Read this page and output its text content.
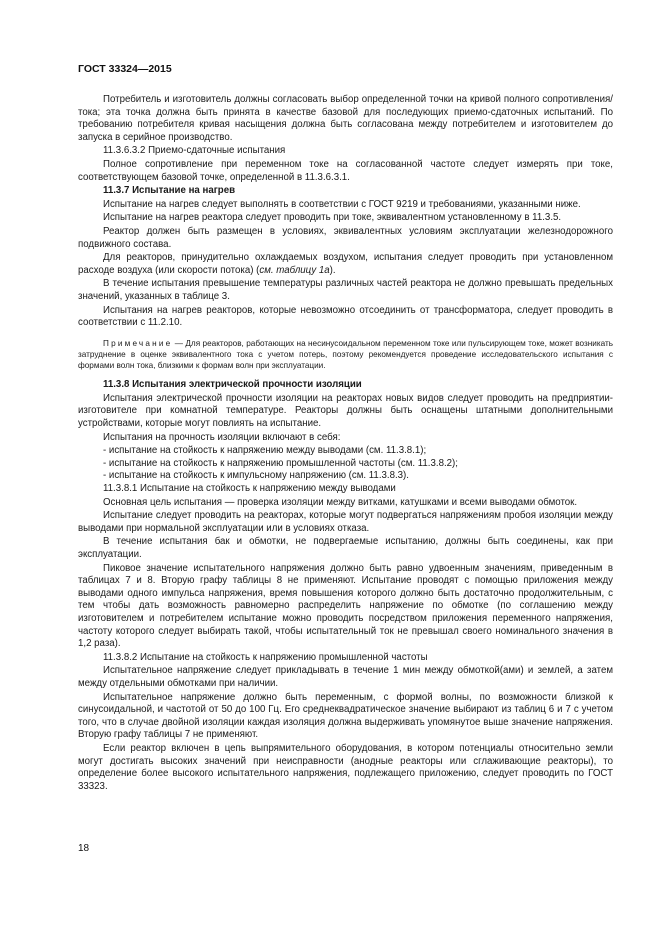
ГОСТ 33324—2015

Потребитель и изготовитель должны согласовать выбор определенной точки на кривой полного сопротивления/тока; эта точка должна быть принята в качестве базовой для последующих приемо-сдаточных испытаний. По требованию потребителя кривая насыщения должна быть согласована между потребителем и изготовителем до запуска в серийное производство.

11.3.6.3.2 Приемо-сдаточные испытания

Полное сопротивление при переменном токе на согласованной частоте следует измерять при токе, соответствующем базовой точке, определенной в 11.3.6.3.1.

11.3.7 Испытание на нагрев

Испытание на нагрев следует выполнять в соответствии с ГОСТ 9219 и требованиями, указанными ниже.

Испытание на нагрев реактора следует проводить при токе, эквивалентном установленному в 11.3.5.

Реактор должен быть размещен в условиях, эквивалентных условиям эксплуатации железнодорожного подвижного состава.

Для реакторов, принудительно охлаждаемых воздухом, испытания следует проводить при установленном расходе воздуха (или скорости потока) (см. таблицу 1а).

В течение испытания превышение температуры различных частей реактора не должно превышать предельных значений, указанных в таблице 3.

Испытания на нагрев реакторов, которые невозможно отсоединить от трансформатора, следует проводить в соответствии с 11.2.10.

Примечание — Для реакторов, работающих на несинусоидальном переменном токе или пульсирующем токе, может возникать затруднение в оценке эквивалентного тока с учетом потерь, поэтому рекомендуется проведение исследовательского испытания с формами волн тока, близкими к формам волн при эксплуатации.

11.3.8 Испытания электрической прочности изоляции

Испытания электрической прочности изоляции на реакторах новых видов следует проводить на предприятии-изготовителе при комнатной температуре. Реакторы должны быть оснащены штатными дополнительными устройствами, которые могут повлиять на испытание.

Испытания на прочность изоляции включают в себя:

- испытание на стойкость к напряжению между выводами (см. 11.3.8.1);
- испытание на стойкость к напряжению промышленной частоты (см. 11.3.8.2);
- испытание на стойкость к импульсному напряжению (см. 11.3.8.3).

11.3.8.1 Испытание на стойкость к напряжению между выводами

Основная цель испытания — проверка изоляции между витками, катушками и всеми выводами обмоток.

Испытание следует проводить на реакторах, которые могут подвергаться напряжениям пробоя изоляции между выводами при нормальной эксплуатации или в условиях отказа.

В течение испытания бак и обмотки, не подвергаемые испытанию, должны быть соединены, как при эксплуатации.

Пиковое значение испытательного напряжения должно быть равно удвоенным значениям, приведенным в таблицах 7 и 8. Вторую графу таблицы 8 не применяют. Испытание проводят с помощью приложения между выводами одного импульса напряжения, время повышения которого должно быть достаточно продолжительным, с тем чтобы дать возможность равномерно распределить напряжение по обмотке (по соглашению между изготовителем и потребителем испытание можно проводить посредством приложения переменного напряжения, частоту которого следует выбирать такой, чтобы испытательный ток не превышал своего номинального значения в 1,2 раза).

11.3.8.2 Испытание на стойкость к напряжению промышленной частоты

Испытательное напряжение следует прикладывать в течение 1 мин между обмоткой(ами) и землей, а затем между отдельными обмотками при наличии.

Испытательное напряжение должно быть переменным, с формой волны, по возможности близкой к синусоидальной, и частотой от 50 до 100 Гц. Его среднеквадратическое значение выбирают из таблиц 6 и 7 с учетом того, что в случае двойной изоляции каждая изоляция должна выдерживать упомянутое выше значение напряжения. Вторую графу таблицы 7 не применяют.

Если реактор включен в цепь выпрямительного оборудования, в котором потенциалы относительно земли могут достигать высоких значений при неисправности (анодные реакторы или сглаживающие реакторы), то определение более высокого испытательного напряжения, подлежащего приложению, следует проводить по ГОСТ 33323.

18
